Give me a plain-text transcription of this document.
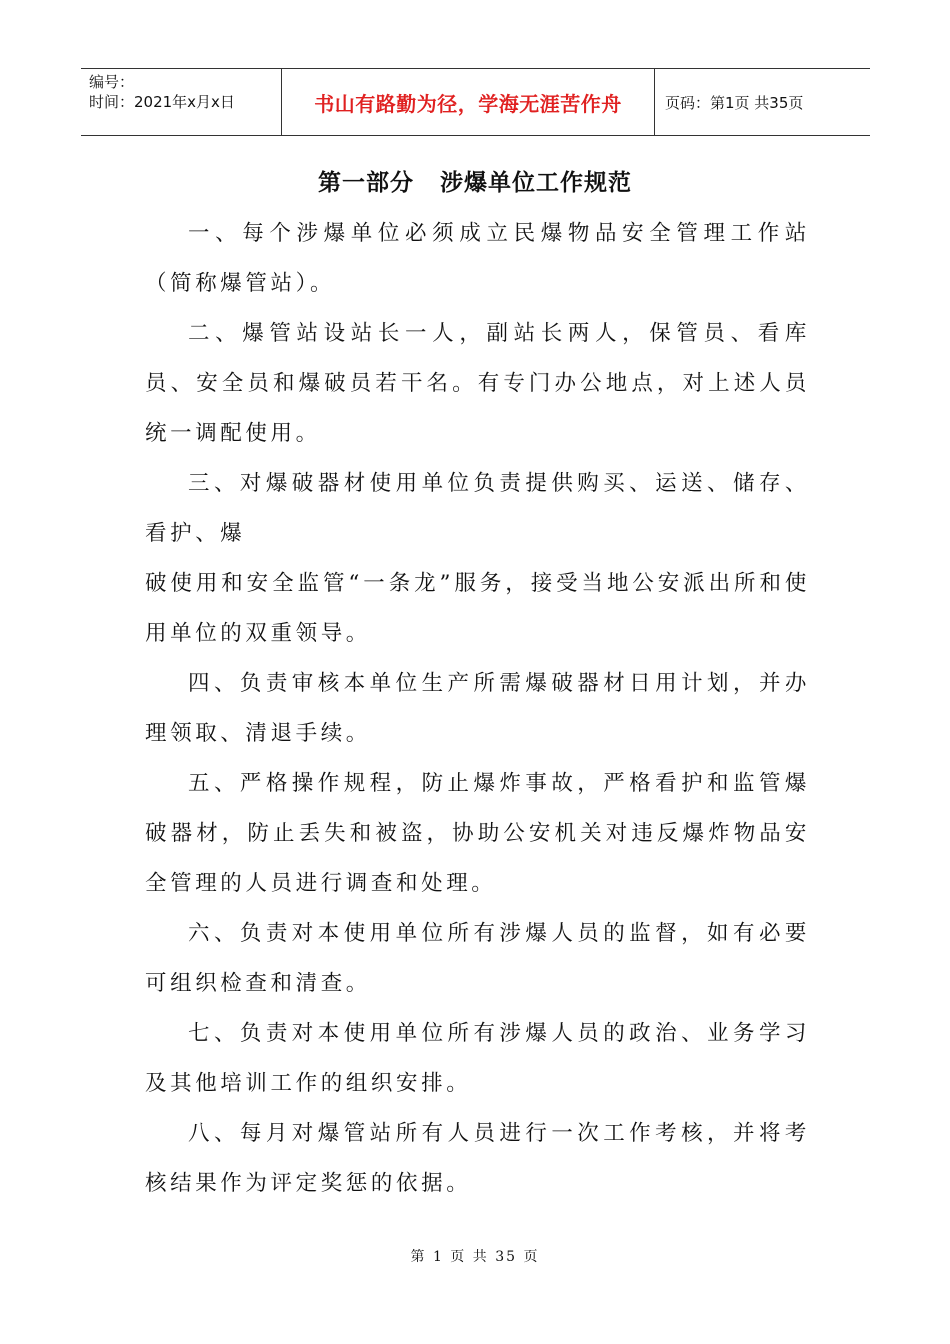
编号：
时间：2021年x月x日	书山有路勤为径，学海无涯苦作舟	页码：第1页 共35页
第一部分 涉爆单位工作规范

一、每个涉爆单位必须成立民爆物品安全管理工作站（简称爆管站）。

二、爆管站设站长一人，副站长两人，保管员、看库员、安全员和爆破员若干名。有专门办公地点，对上述人员统一调配使用。

三、对爆破器材使用单位负责提供购买、运送、储存、看护、爆

破使用和安全监管“一条龙”服务，接受当地公安派出所和使用单位的双重领导。

四、负责审核本单位生产所需爆破器材日用计划，并办理领取、清退手续。

五、严格操作规程，防止爆炸事故，严格看护和监管爆破器材，防止丢失和被盗，协助公安机关对违反爆炸物品安全管理的人员进行调查和处理。

六、负责对本使用单位所有涉爆人员的监督，如有必要可组织检查和清查。

七、负责对本使用单位所有涉爆人员的政治、业务学习及其他培训工作的组织安排。

八、每月对爆管站所有人员进行一次工作考核，并将考核结果作为评定奖惩的依据。

第 1 页 共 35 页
